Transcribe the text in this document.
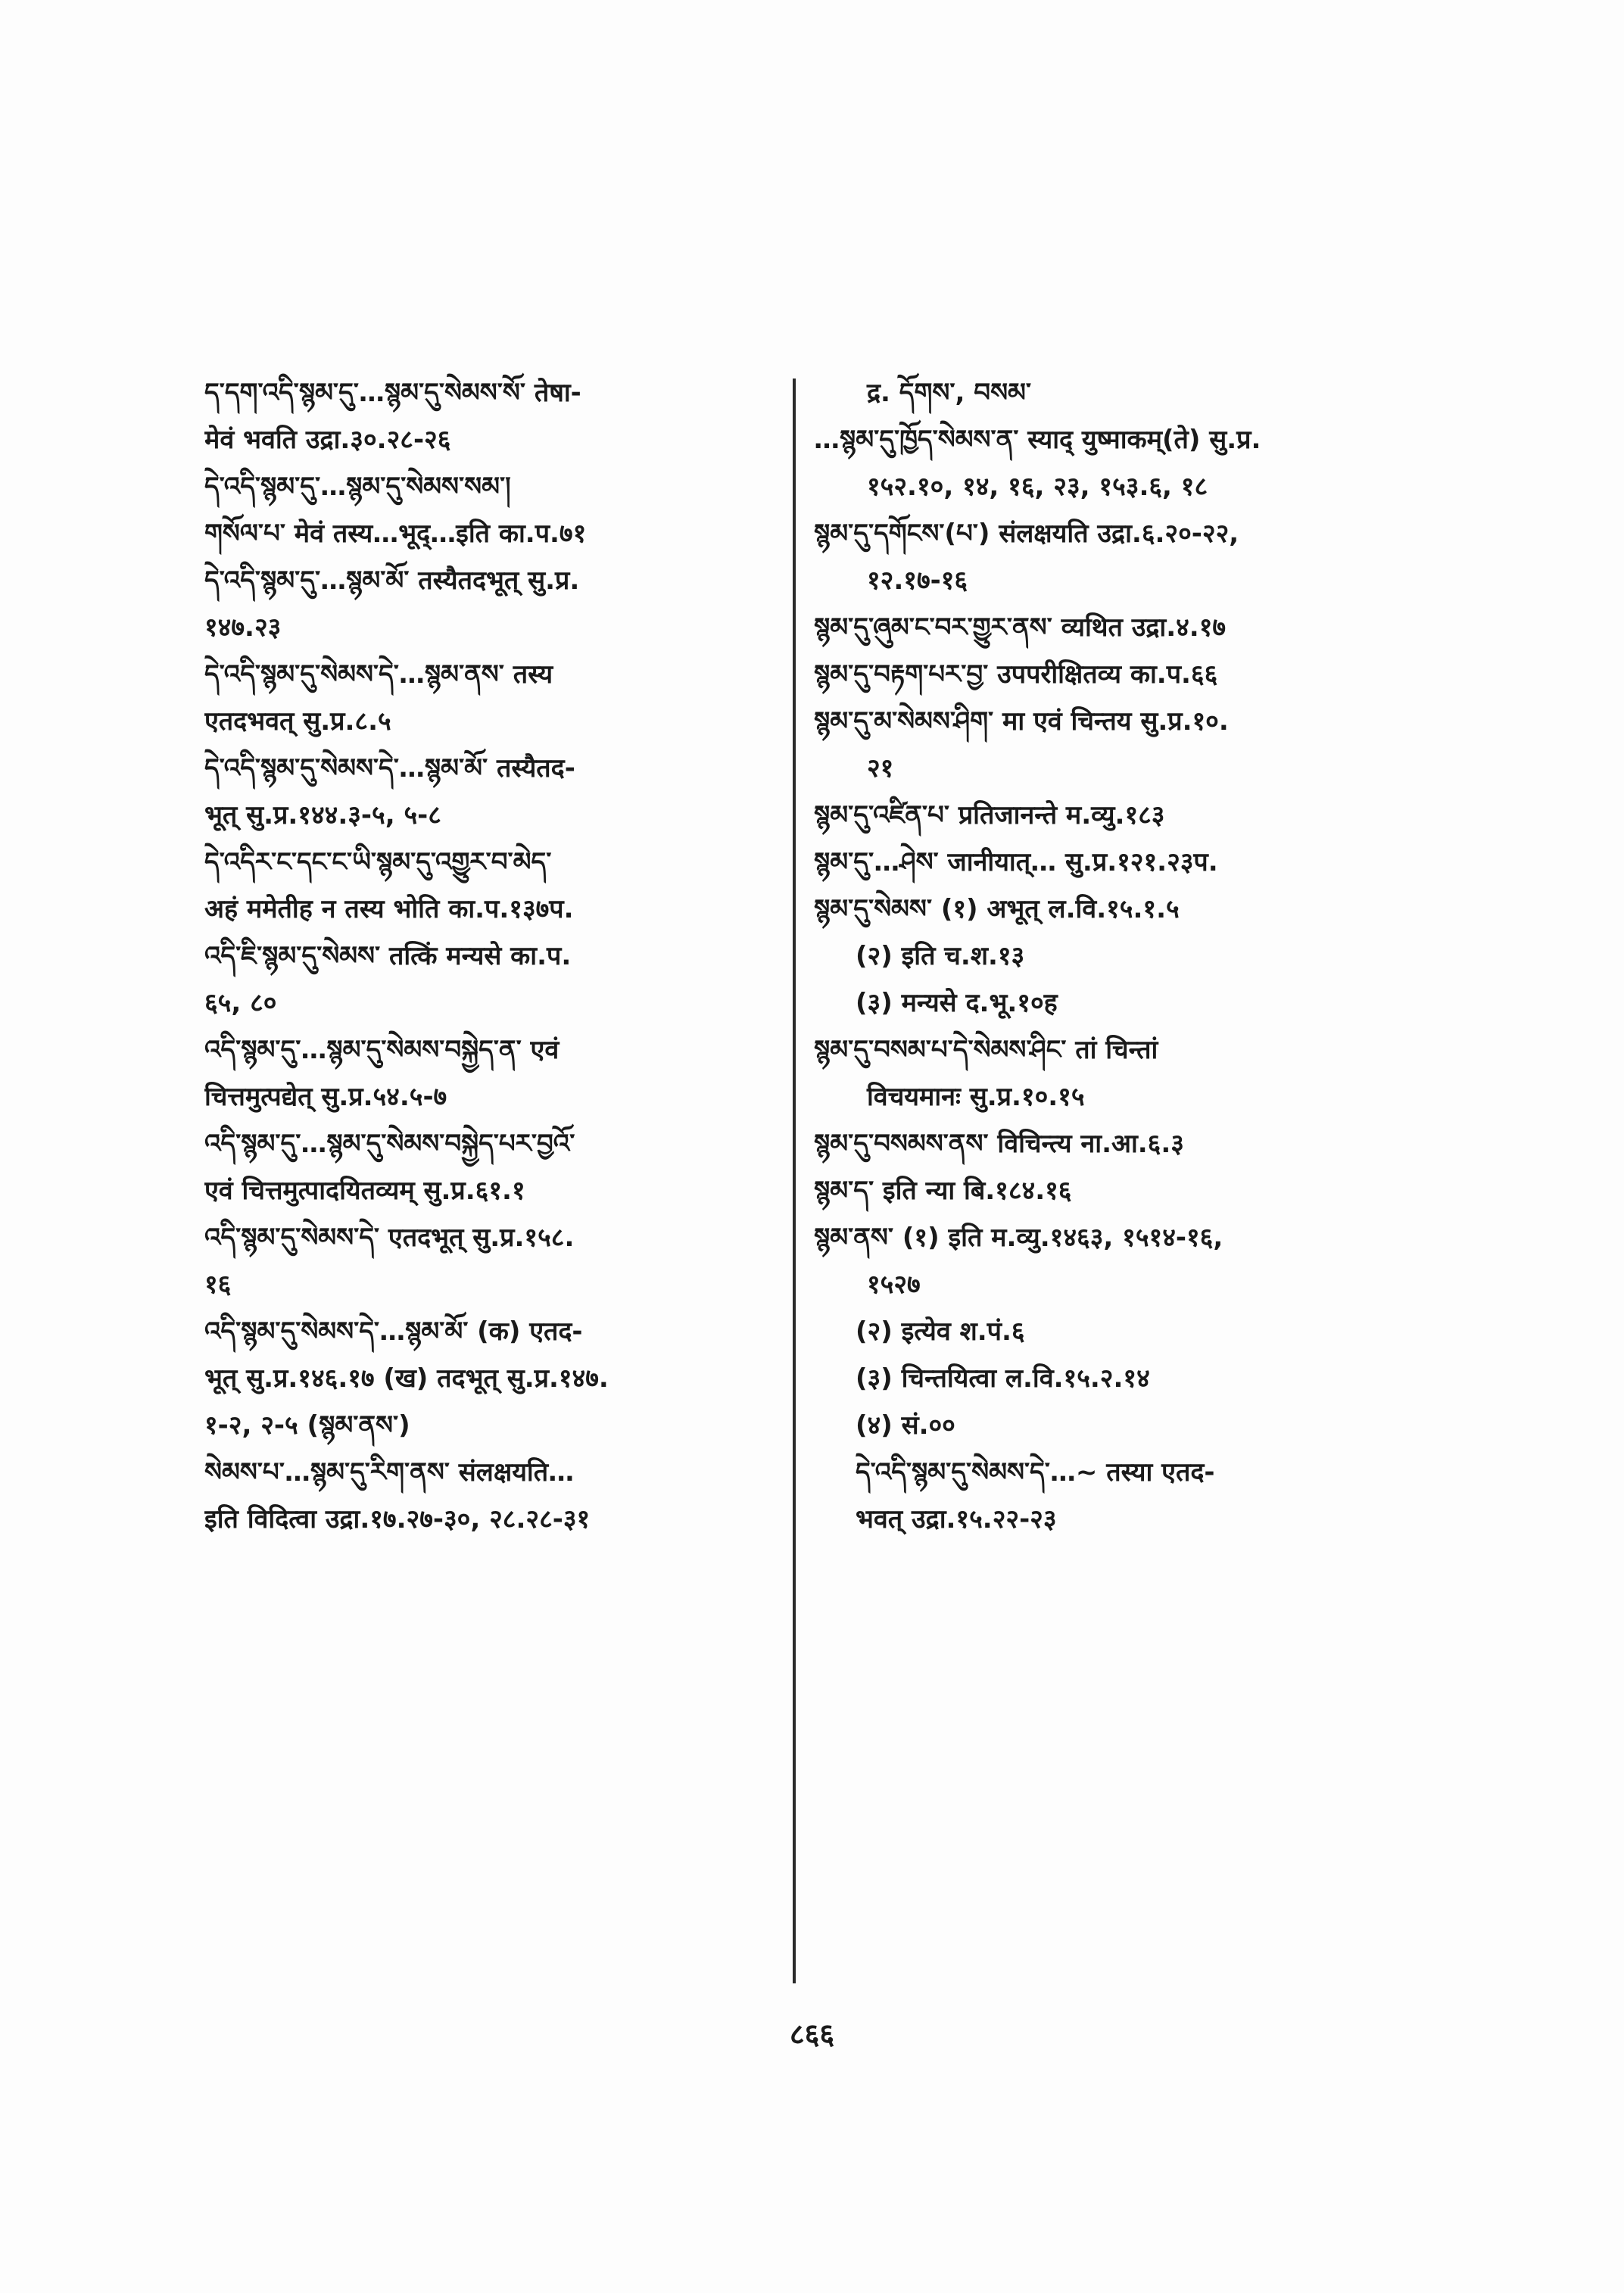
ད་དག་འདི་སྙམ་དུ་…སྙམ་དུ་སེམས་སོ་ तेषा-
मेवं भवति उद्रा.३०.२८-२६
དེ་འདི་སྙམ་དུ་…སྙམ་དུ་སེམས་སམ་།
གསོལ་པ་ मेवं तस्य…भूद्…इति का.प.७१
དེ་འདི་སྙམ་དུ་…སྙམ་མོ་ तस्यैतदभूत् सु.प्र.
१४७.२३
དེ་འདི་སྙམ་དུ་སེམས་དེ་…སྙམ་ནས་ तस्य
एतदभवत् सु.प्र.८.५
དེ་འདི་སྙམ་དུ་སེམས་དེ་…སྙམ་མོ་ तस्यैतद-
भूत् सु.प्र.१४४.३-५, ५-८
དེ་འདིར་ང་དང་ང་ཡི་སྙམ་དུ་འགྱུར་བ་མེད་
अहं ममेतीह न तस्य भोति का.प.१३७प.
འདི་ཇི་སྙམ་དུ་སེམས་ तत्किं मन्यसे का.प.
६५, ८०
འདི་སྙམ་དུ་…སྙམ་དུ་སེམས་བསྐྱེད་ན་ एवं
चित्तमुत्पद्येत् सु.प्र.५४.५-७
འདི་སྙམ་དུ་…སྙམ་དུ་སེམས་བསྐྱེད་པར་བྱའོ་
एवं चित्तमुत्पादयितव्यम् सु.प्र.६१.१
འདི་སྙམ་དུ་སེམས་དེ་ एतदभूत् सु.प्र.१५८.
१६
འདི་སྙམ་དུ་སེམས་དེ་…སྙམ་མོ་ (क) एतद-
भूत् सु.प्र.१४६.१७ (ख) तदभूत् सु.प्र.१४७.
१-२, २-५ (སྙམ་ནས་)
སེམས་པ་…སྙམ་དུ་རིག་ནས་ संलक्षयति…
इति विदित्वा उद्रा.१७.२७-३०, २८.२८-३१
द्र. དོགས་, བསམ་
…སྙམ་དུ་ཁྱོད་སེམས་ན་ स्याद् युष्माकम्(ते) सु.प्र.
१५२.१०, १४, १६, २३, १५३.६, १८
སྙམ་དུ་དགོངས་(པ་) संलक्षयति उद्रा.६.२०-२२,
१२.१७-१६
སྙམ་དུ་ཞུམ་ང་བར་གྱུར་ནས་ व्यथित उद्रा.४.१७
སྙམ་དུ་བརྟག་པར་བྱ་ उपपरीक्षितव्य का.प.६६
སྙམ་དུ་མ་སེམས་ཤིག་ मा एवं चिन्तय सु.प्र.१०.
२१
སྙམ་དུ་འཛིན་པ་ प्रतिजानन्ते म.व्यु.१८३
སྙམ་དུ་…ཤེས་ जानीयात्… सु.प्र.१२१.२३प.
སྙམ་དུ་སེམས་ (१) अभूत् ल.वि.१५.१.५
(२) इति च.श.१३
(३) मन्यसे द.भू.१०ह
སྙམ་དུ་བསམ་པ་དེ་སེམས་ཤིང་ तां चिन्तां
वि‌चयमानः सु.प्र.१०.१५
སྙམ་དུ་བསམས་ནས་ विचिन्त्य ना.आ.६.३
སྙམ་ད་ इति न्या बि.१८४.१६
སྙམ་ནས་ (१) इति म.व्यु.१४६३, १५१४-१६,
१५२७
(२) इत्येव श.पं.६
(३) चिन्तयित्वा ल.वि.१५.२.१४
(४) सं.००
དེ་འདི་སྙམ་དུ་སེམས་དེ་…~ तस्या एतद-
भवत् उद्रा.१५.२२-२३
८६६
